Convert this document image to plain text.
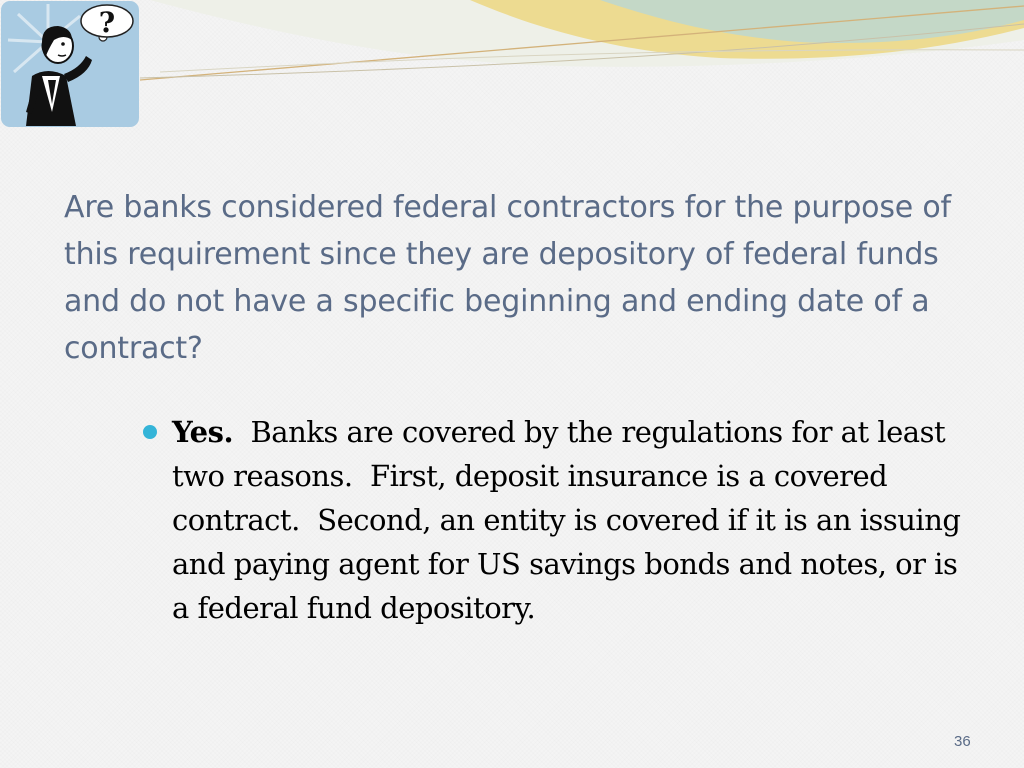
?
Are banks considered federal contractors for the purpose of this requirement since they are depository of federal funds and do not have a specific beginning and ending date of a contract?
Yes.  Banks are covered by the regulations for at least two reasons.  First, deposit insurance is a covered contract.  Second, an entity is covered if it is an issuing and paying agent for US savings bonds and notes, or is a federal fund depository.
36
